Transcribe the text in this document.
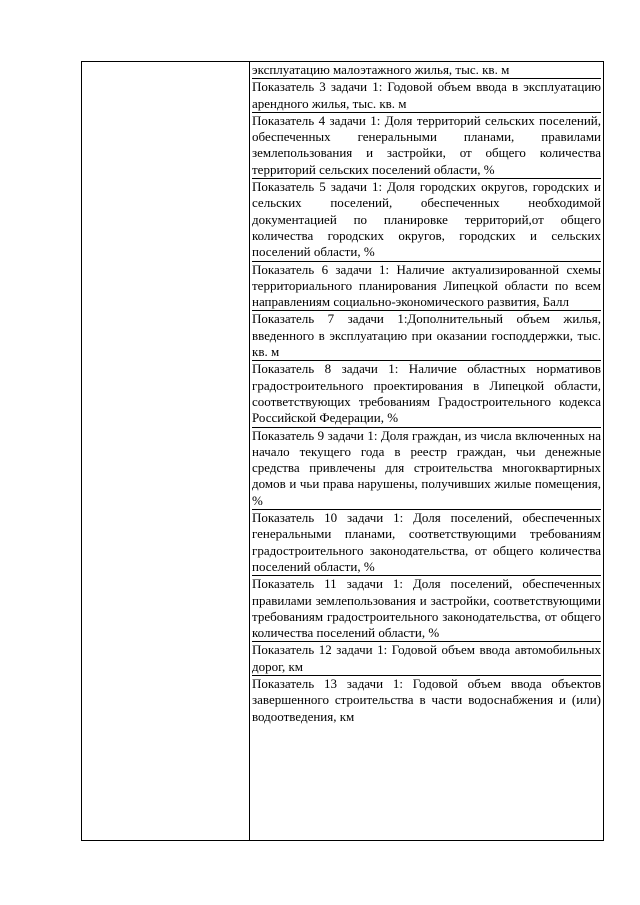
эксплуатацию малоэтажного жилья, тыс. кв. м

Показатель 3 задачи 1: Годовой объем ввода в эксплуатацию арендного жилья, тыс. кв. м

Показатель 4 задачи 1: Доля территорий сельских поселений, обеспеченных генеральными планами, правилами землепользования и застройки, от общего количества территорий сельских поселений области, %

Показатель 5 задачи 1: Доля городских округов, городских и сельских поселений, обеспеченных необходимой документацией по планировке территорий,от общего количества городских округов, городских и сельских поселений области, %

Показатель 6 задачи 1: Наличие актуализированной схемы территориального планирования Липецкой области по всем направлениям социально-экономического развития, Балл

Показатель 7 задачи 1:Дополнительный объем жилья, введенного в эксплуатацию при оказании господдержки, тыс. кв. м

Показатель 8 задачи 1: Наличие областных нормативов градостроительного проектирования в Липецкой области, соответствующих требованиям Градостроительного кодекса Российской Федерации, %

Показатель 9 задачи 1: Доля граждан, из числа включенных на начало текущего года в реестр граждан, чьи денежные средства привлечены для строительства многоквартирных домов и чьи права нарушены, получивших жилые помещения, %

Показатель 10 задачи 1: Доля поселений, обеспеченных генеральными планами, соответствующими требованиям градостроительного законодательства, от общего количества поселений области, %

Показатель 11 задачи 1: Доля поселений, обеспеченных правилами землепользования и застройки, соответствующими требованиям градостроительного законодательства, от общего количества поселений области, %

Показатель 12 задачи 1: Годовой объем ввода автомобильных дорог, км

Показатель 13 задачи 1: Годовой объем ввода объектов завершенного строительства в части водоснабжения и (или) водоотведения, км
